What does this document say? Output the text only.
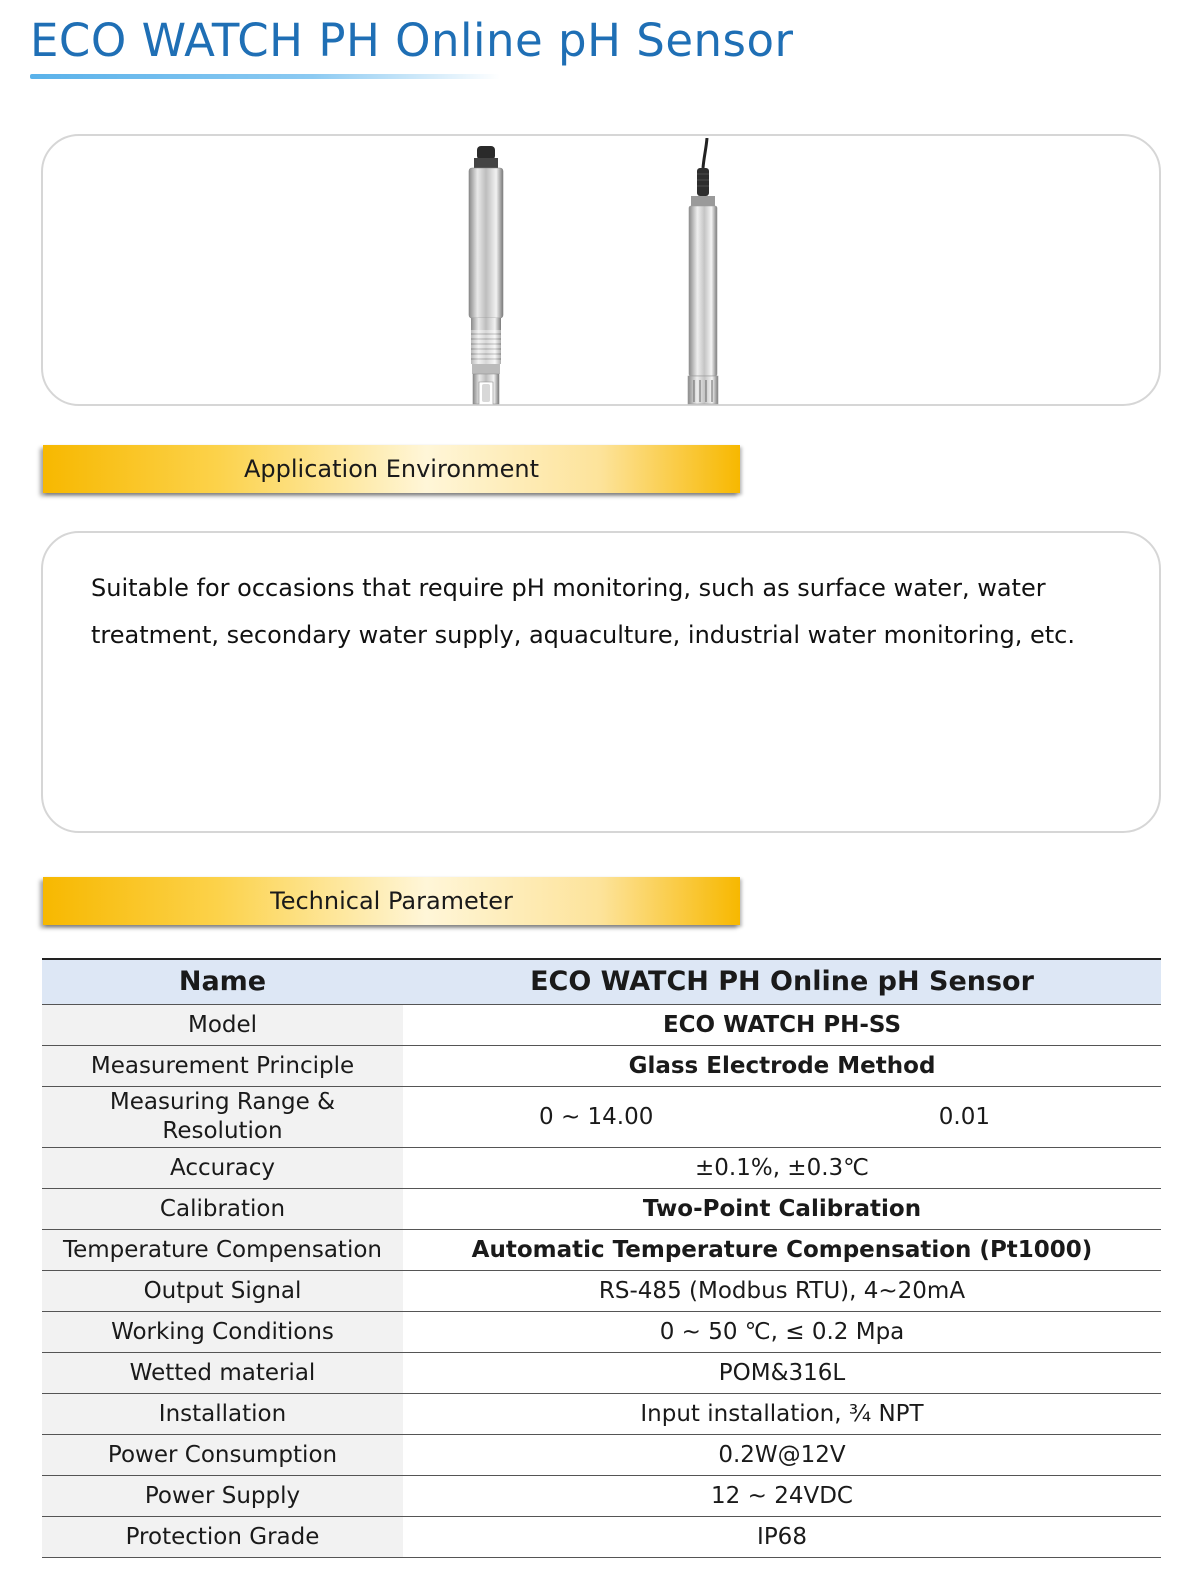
ECO WATCH PH Online pH Sensor
Application Environment

Suitable for occasions that require pH monitoring, such as surface water, water treatment, secondary water supply, aquaculture, industrial water monitoring, etc.

Technical Parameter
Name	ECO WATCH PH Online pH Sensor
Model	ECO WATCH PH-SS
Measurement Principle	Glass Electrode Method
Measuring Range & Resolution	0 ~ 14.00 0.01

Accuracy	±0.1%, ±0.3℃
Calibration	Two-Point Calibration
Temperature Compensation	Automatic Temperature Compensation (Pt1000)
Output Signal	RS-485 (Modbus RTU), 4~20mA
Working Conditions	0 ~ 50 ℃, ≤ 0.2 Mpa
Wetted material	POM&316L
Installation	Input installation, ¾ NPT
Power Consumption	0.2W@12V
Power Supply	12 ~ 24VDC
Protection Grade	IP68
